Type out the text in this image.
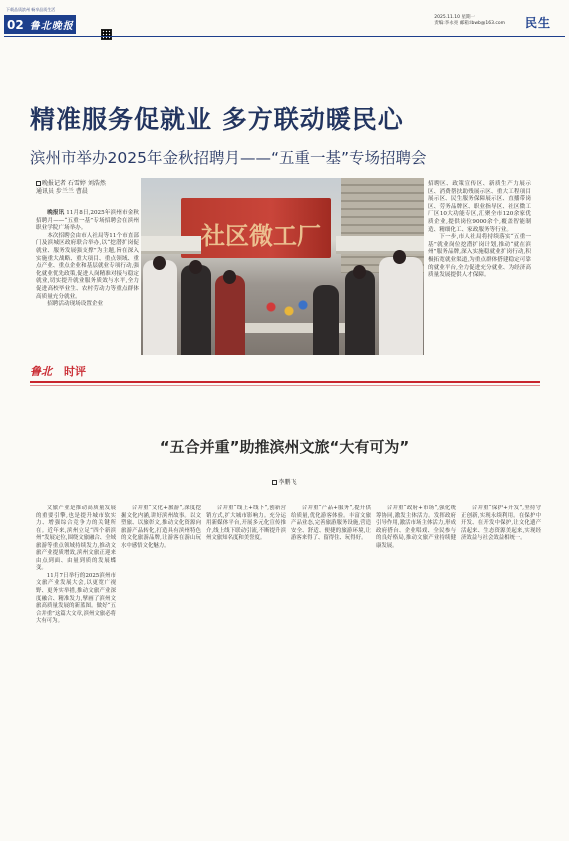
下载品质滨州 畅享品质生活
02 鲁北晚报
2025.11.10 星期一
责编:李永亮 邮箱:lbwb@163.com 民生
精准服务促就业 多方联动暖民心
滨州市举办2025年金秋招聘月——“五重一基”专场招聘会
晚报记者 石雪婷 刘浩然
通讯员 步兰兰 曹晨

晚报讯 11月8日,2025年滨州市金秋招聘月——“五重一基”专场招聘会在滨州职业学院广场举办。

本次招聘会由市人社局等11个市直部门及滨城区政府联合举办,以“挖潜扩岗促就业、服务发展强支撑”为主题,旨在深入实施重大战略、重大项目、重点领域、重点产业、重点企业和基层就业专项行动,强化就业优先政策,促进人岗精准对接与稳定就业,切实提升就业服务质效与水平,全力促进高校毕业生、农村劳动力等重点群体高质量充分就业。

招聘活动现场设置企业

社区微工厂

招聘区、政策宣传区、新质生产力展示区、消费帮扶助残展示区、重大工程项目展示区、民生服务保障展示区、直播带岗区、劳务品牌区、职业指导区、社区微工厂区10大功能专区,汇聚全市120余家优质企业,提供岗位9000余个,覆盖智能制造、精细化工、家政服务等行业。

下一步,市人社局将持续落实“五重一基”就业岗位挖潜扩岗计划,推动“就在滨州”服务品牌,深入实施稳就业扩岗行动,积极拓宽就业渠道,为重点群体搭建稳定可靠的就业平台,全力促进充分就业、为经济高质量发展提供人才保障。

鲁北 时评
“五合并重”助推滨州文旅“大有可为”
李鹏飞

文旅产业是推动高质量发展的重要引擎,也是提升城市软实力、增强综合竞争力的关键所在。近年来,滨州立足“四个新滨州”发展定位,围绕文旅融合、全域旅游等重点领域持续发力,推动文旅产业提质增效,滨州文旅正迎来由点到面、由量到质的发展蝶变。

11月7日举行的2025滨州市文旅产业发展大会,以更宽广视野、更务实举措,推动文旅产业深度融合、精准发力,擘画了滨州文旅高质量发展的新蓝图。做好“五合并重”这篇大文章,滨州文旅必将大有可为。

合并重“文化+旅游”,深度挖掘文化内涵,讲好滨州故事。以文塑旅、以旅彰文,推动文化资源向旅游产品转化,打造具有滨州特色的文化旅游品牌,让游客在游山玩水中感悟文化魅力。

合并重“线上+线下”,创新营销方式,扩大城市影响力。充分运用新媒体平台,开展多元化宣传推介,线上线下联动引流,不断提升滨州文旅知名度和美誉度。

合并重“产品+服务”,提升供给质量,优化游客体验。丰富文旅产品业态,完善旅游服务设施,营造安全、舒适、便捷的旅游环境,让游客来得了、留得住、玩得好。

合并重“政府+市场”,强化统筹协同,激发主体活力。发挥政府引导作用,激活市场主体活力,形成政府搭台、企业唱戏、全民参与的良好格局,推动文旅产业持续健康发展。

合并重“保护+开发”,坚持守正创新,实现永续利用。在保护中开发、在开发中保护,让文化遗产活起来、生态资源美起来,实现经济效益与社会效益相统一。
